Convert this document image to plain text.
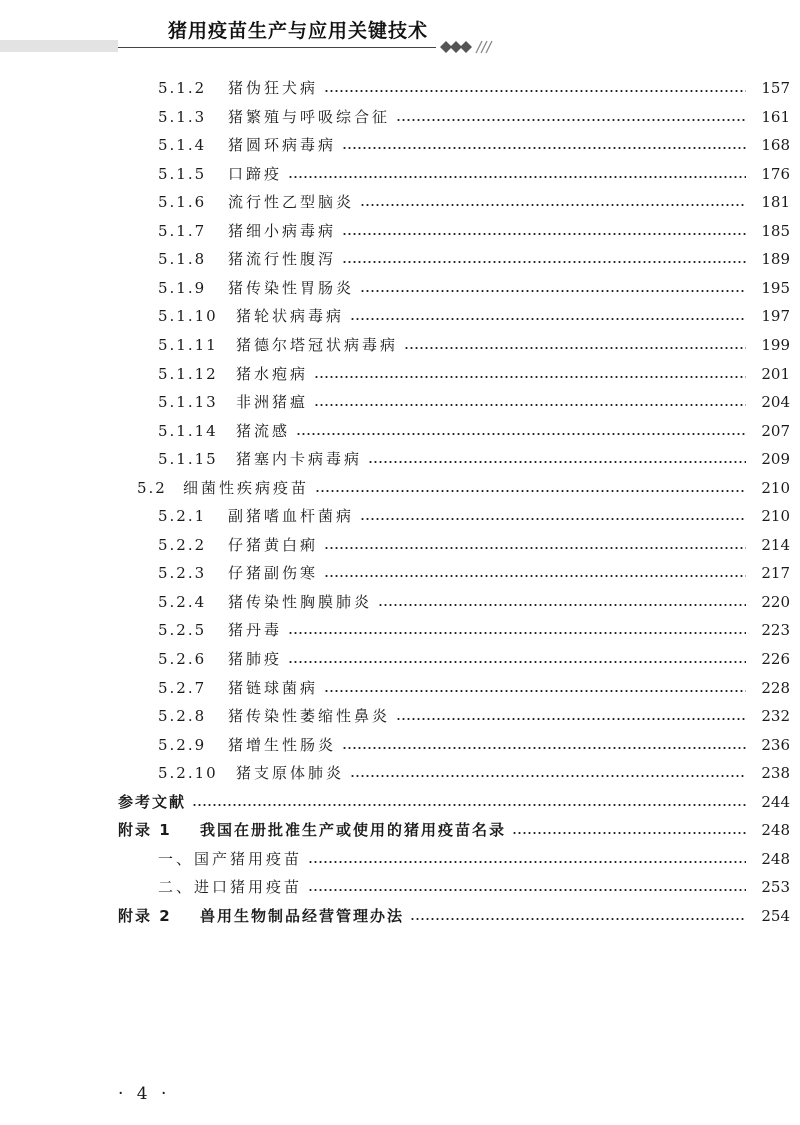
猪用疫苗生产与应用关键技术
5.1.2 猪伪狂犬病	157
5.1.3 猪繁殖与呼吸综合征	161
5.1.4 猪圆环病毒病	168
5.1.5 口蹄疫	176
5.1.6 流行性乙型脑炎	181
5.1.7 猪细小病毒病	185
5.1.8 猪流行性腹泻	189
5.1.9 猪传染性胃肠炎	195
5.1.10 猪轮状病毒病	197
5.1.11 猪德尔塔冠状病毒病	199
5.1.12 猪水疱病	201
5.1.13 非洲猪瘟	204
5.1.14 猪流感	207
5.1.15 猪塞内卡病毒病	209
5.2 细菌性疾病疫苗	210
5.2.1 副猪嗜血杆菌病	210
5.2.2 仔猪黄白痢	214
5.2.3 仔猪副伤寒	217
5.2.4 猪传染性胸膜肺炎	220
5.2.5 猪丹毒	223
5.2.6 猪肺疫	226
5.2.7 猪链球菌病	228
5.2.8 猪传染性萎缩性鼻炎	232
5.2.9 猪增生性肠炎	236
5.2.10 猪支原体肺炎	238
参考文献	244
附录 1 我国在册批准生产或使用的猪用疫苗名录	248
一、国产猪用疫苗	248
二、进口猪用疫苗	253
附录 2 兽用生物制品经营管理办法	254
· 4 ·
